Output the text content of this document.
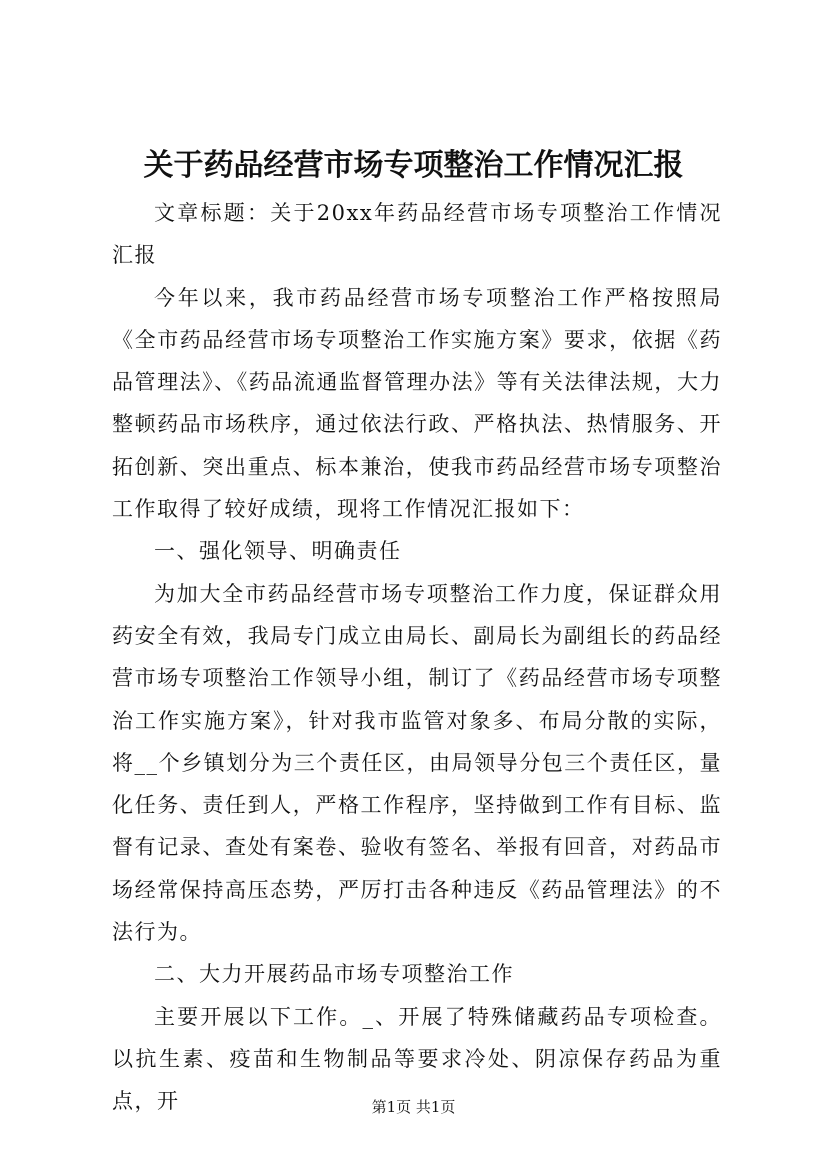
关于药品经营市场专项整治工作情况汇报

文章标题：关于20xx年药品经营市场专项整治工作情况汇报

今年以来，我市药品经营市场专项整治工作严格按照局《全市药品经营市场专项整治工作实施方案》要求，依据《药品管理法》、《药品流通监督管理办法》等有关法律法规，大力整顿药品市场秩序，通过依法行政、严格执法、热情服务、开拓创新、突出重点、标本兼治，使我市药品经营市场专项整治工作取得了较好成绩，现将工作情况汇报如下：

一、强化领导、明确责任

为加大全市药品经营市场专项整治工作力度，保证群众用药安全有效，我局专门成立由局长、副局长为副组长的药品经营市场专项整治工作领导小组，制订了《药品经营市场专项整治工作实施方案》，针对我市监管对象多、布局分散的实际，将__个乡镇划分为三个责任区，由局领导分包三个责任区，量化任务、责任到人，严格工作程序，坚持做到工作有目标、监督有记录、查处有案卷、验收有签名、举报有回音，对药品市场经常保持高压态势，严厉打击各种违反《药品管理法》的不法行为。

二、大力开展药品市场专项整治工作

主要开展以下工作。_、开展了特殊储藏药品专项检查。以抗生素、疫苗和生物制品等要求冷处、阴凉保存药品为重点，开	第1页 共1页
